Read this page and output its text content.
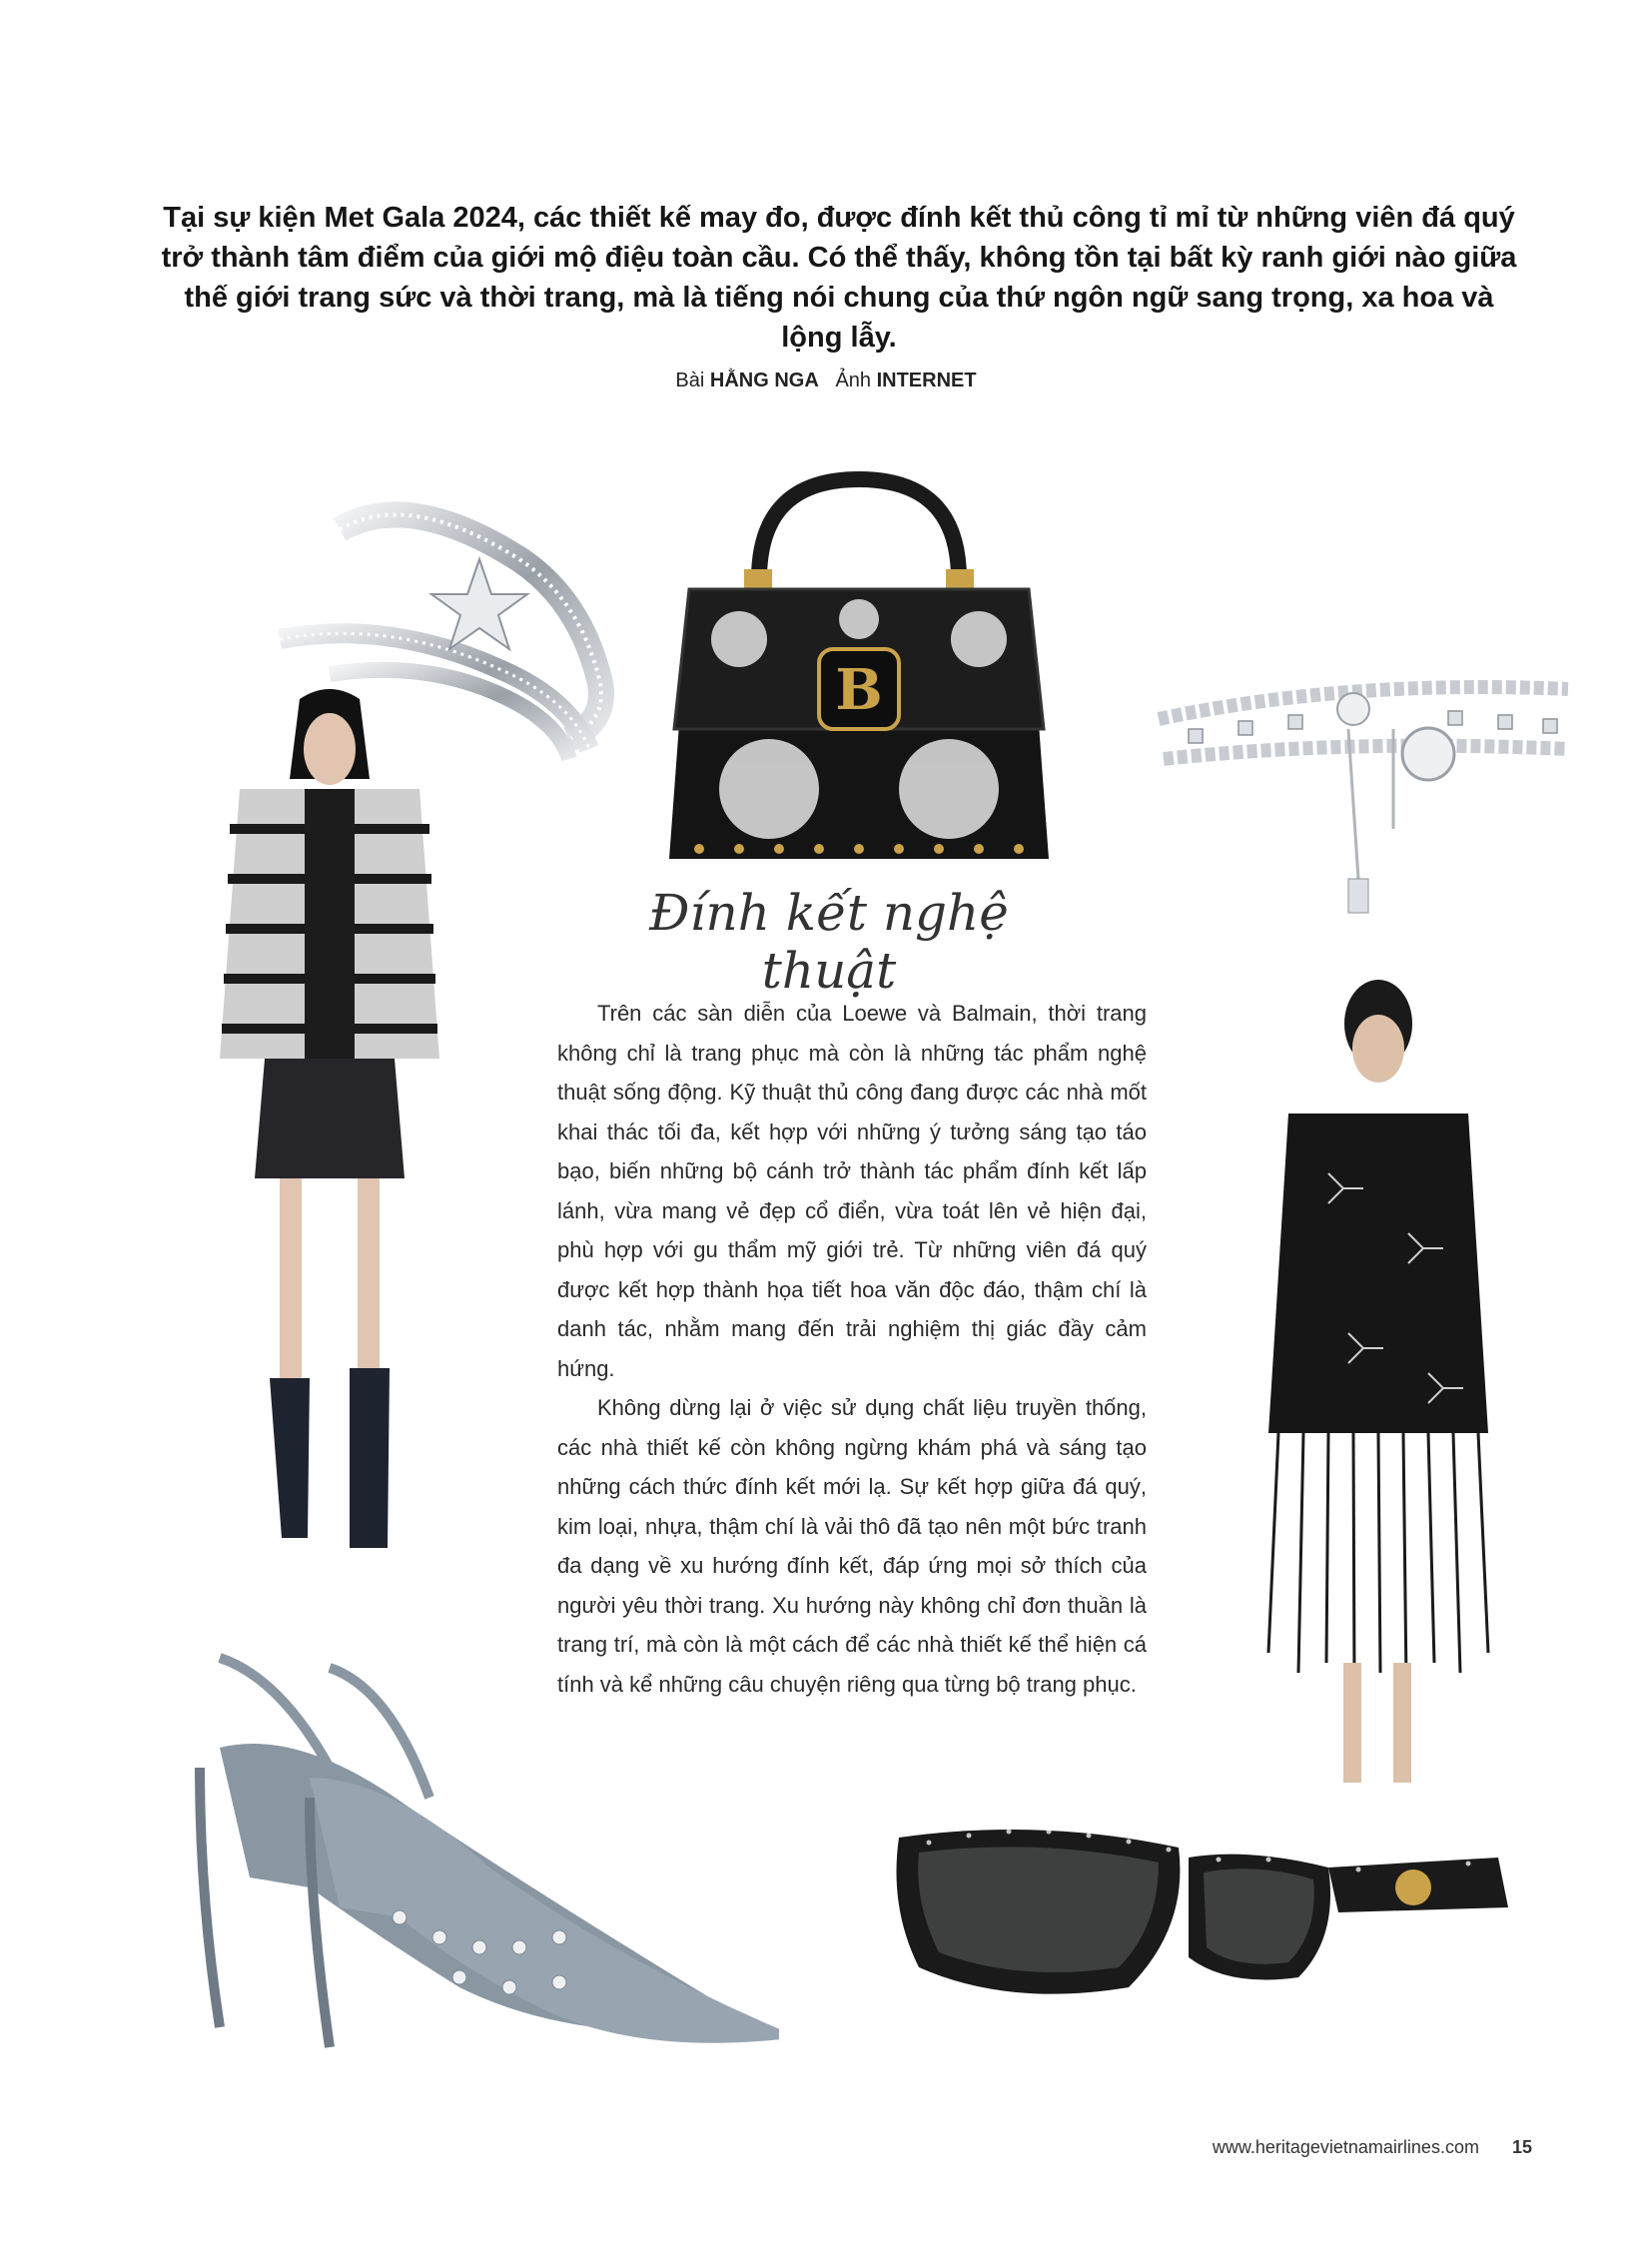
Tại sự kiện Met Gala 2024, các thiết kế may đo, được đính kết thủ công tỉ mỉ từ những viên đá quý trở thành tâm điểm của giới mộ điệu toàn cầu. Có thể thấy, không tồn tại bất kỳ ranh giới nào giữa thế giới trang sức và thời trang, mà là tiếng nói chung của thứ ngôn ngữ sang trọng, xa hoa và lộng lẫy.

Bài HẰNG NGA Ảnh INTERNET
B
Đính kết nghệ thuật

Trên các sàn diễn của Loewe và Balmain, thời trang không chỉ là trang phục mà còn là những tác phẩm nghệ thuật sống động. Kỹ thuật thủ công đang được các nhà mốt khai thác tối đa, kết hợp với những ý tưởng sáng tạo táo bạo, biến những bộ cánh trở thành tác phẩm đính kết lấp lánh, vừa mang vẻ đẹp cổ điển, vừa toát lên vẻ hiện đại, phù hợp với gu thẩm mỹ giới trẻ. Từ những viên đá quý được kết hợp thành họa tiết hoa văn độc đáo, thậm chí là danh tác, nhằm mang đến trải nghiệm thị giác đầy cảm hứng.

Không dừng lại ở việc sử dụng chất liệu truyền thống, các nhà thiết kế còn không ngừng khám phá và sáng tạo những cách thức đính kết mới lạ. Sự kết hợp giữa đá quý, kim loại, nhựa, thậm chí là vải thô đã tạo nên một bức tranh đa dạng về xu hướng đính kết, đáp ứng mọi sở thích của người yêu thời trang. Xu hướng này không chỉ đơn thuần là trang trí, mà còn là một cách để các nhà thiết kế thể hiện cá tính và kể những câu chuyện riêng qua từng bộ trang phục.

www.heritagevietnamairlines.com 15
